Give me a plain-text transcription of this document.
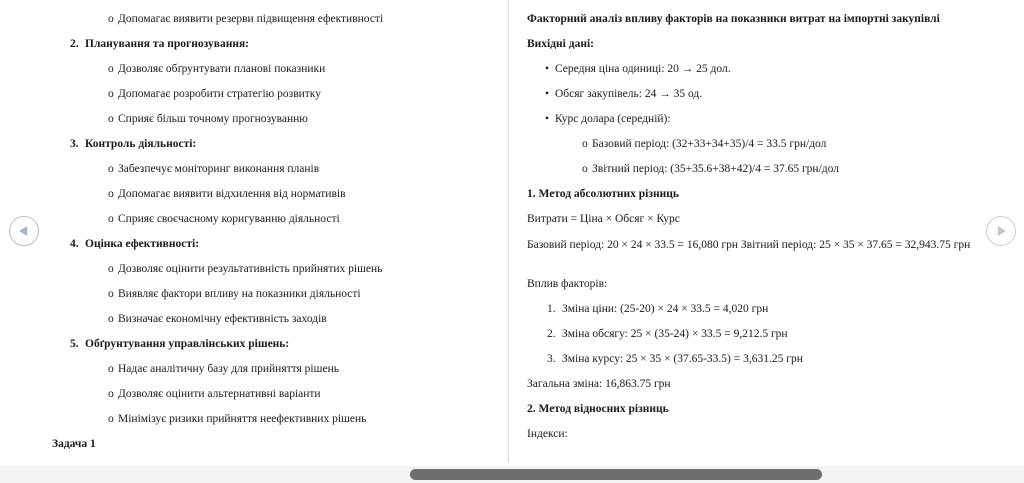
o Допомагає виявити резерви підвищення ефективності
2. Планування та прогнозування:
o Дозволяє обґрунтувати планові показники
o Допомагає розробити стратегію розвитку
o Сприяє більш точному прогнозуванню
3. Контроль діяльності:
o Забезпечує моніторинг виконання планів
o Допомагає виявити відхилення від нормативів
o Сприяє своєчасному коригуванню діяльності
4. Оцінка ефективності:
o Дозволяє оцінити результативність прийнятих рішень
o Виявляє фактори впливу на показники діяльності
o Визначає економічну ефективність заходів
5. Обґрунтування управлінських рішень:
o Надає аналітичну базу для прийняття рішень
o Дозволяє оцінити альтернативні варіанти
o Мінімізує ризики прийняття неефективних рішень
Задача 1
Факторний аналіз впливу факторів на показники витрат на імпортні закупівлі
Вихідні дані:
• Середня ціна одиниці: 20 → 25 дол.
• Обсяг закупівель: 24 → 35 од.
• Курс долара (середній):
o Базовий період: (32+33+34+35)/4 = 33.5 грн/дол
o Звітний період: (35+35.6+38+42)/4 = 37.65 грн/дол
1. Метод абсолютних різниць
Витрати = Ціна × Обсяг × Курс
Базовий період: 20 × 24 × 33.5 = 16,080 грн Звітний період: 25 × 35 × 37.65 = 32,943.75 грн
Вплив факторів:
1. Зміна ціни: (25-20) × 24 × 33.5 = 4,020 грн
2. Зміна обсягу: 25 × (35-24) × 33.5 = 9,212.5 грн
3. Зміна курсу: 25 × 35 × (37.65-33.5) = 3,631.25 грн
Загальна зміна: 16,863.75 грн
2. Метод відносних різниць
Індекси:
